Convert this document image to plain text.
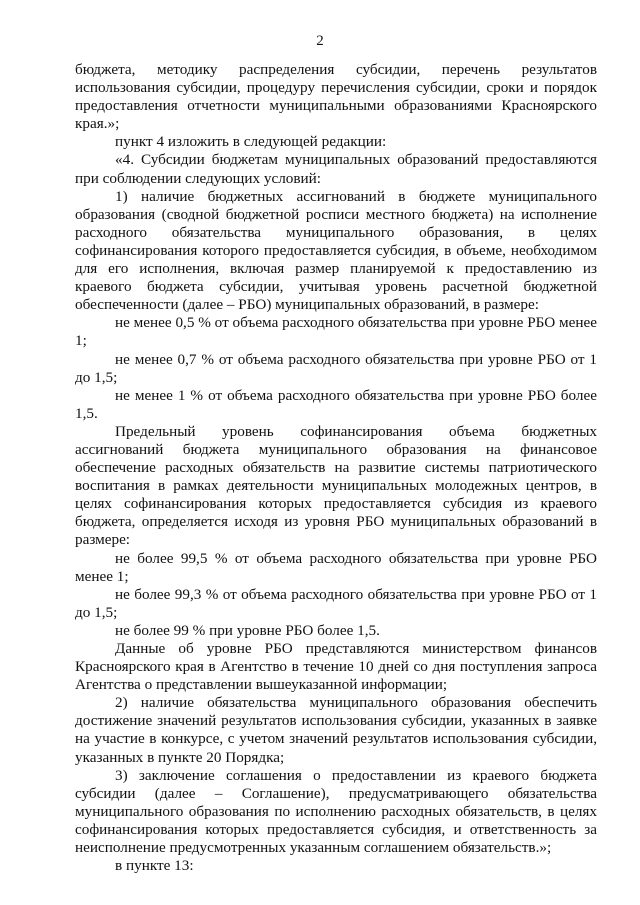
2

бюджета, методику распределения субсидии, перечень результатов использования субсидии, процедуру перечисления субсидии, сроки и порядок предоставления отчетности муниципальными образованиями Красноярского края.»;

пункт 4 изложить в следующей редакции:

«4. Субсидии бюджетам муниципальных образований предоставляются при соблюдении следующих условий:

1) наличие бюджетных ассигнований в бюджете муниципального образования (сводной бюджетной росписи местного бюджета) на исполнение расходного обязательства муниципального образования, в целях софинансирования которого предоставляется субсидия, в объеме, необходимом для его исполнения, включая размер планируемой к предоставлению из краевого бюджета субсидии, учитывая уровень расчетной бюджетной обеспеченности (далее – РБО) муниципальных образований, в размере:

не менее 0,5 % от объема расходного обязательства при уровне РБО менее 1;

не менее 0,7 % от объема расходного обязательства при уровне РБО от 1 до 1,5;

не менее 1 % от объема расходного обязательства при уровне РБО более 1,5.

Предельный уровень софинансирования объема бюджетных ассигнований бюджета муниципального образования на финансовое обеспечение расходных обязательств на развитие системы патриотического воспитания в рамках деятельности муниципальных молодежных центров, в целях софинансирования которых предоставляется субсидия из краевого бюджета, определяется исходя из уровня РБО муниципальных образований в размере:

не более 99,5 % от объема расходного обязательства при уровне РБО менее 1;

не более 99,3 % от объема расходного обязательства при уровне РБО от 1 до 1,5;

не более 99 % при уровне РБО более 1,5.

Данные об уровне РБО представляются министерством финансов Красноярского края в Агентство в течение 10 дней со дня поступления запроса Агентства о представлении вышеуказанной информации;

2) наличие обязательства муниципального образования обеспечить достижение значений результатов использования субсидии, указанных в заявке на участие в конкурсе, с учетом значений результатов использования субсидии, указанных в пункте 20 Порядка;

3) заключение соглашения о предоставлении из краевого бюджета субсидии (далее – Соглашение), предусматривающего обязательства муниципального образования по исполнению расходных обязательств, в целях софинансирования которых предоставляется субсидия, и ответственность за неисполнение предусмотренных указанным соглашением обязательств.»;

в пункте 13:
